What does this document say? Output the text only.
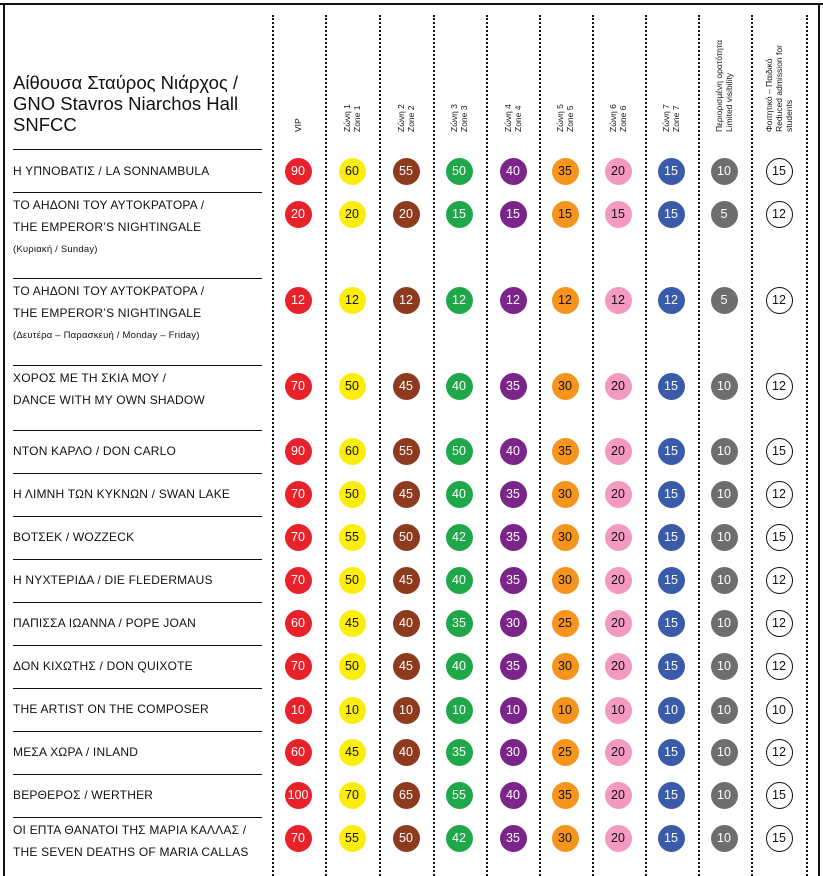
Αίθουσα Σταύρος Νιάρχος /
GNO Stavros Niarchos Hall
SNFCC	VIP	Ζώνη 1 Zone 1	Ζώνη 2 Zone 2	Ζώνη 3 Zone 3	Ζώνη 4 Zone 4	Ζώνη 5 Zone 5	Ζώνη 6 Zone 6	Ζώνη 7 Zone 7	Περιορισμένη ορατότητα Limited visibility	Φοιτητικό – Παιδικό Reduced admission for students
Η ΥΠΝΟΒΑΤΙΣ / LA SONNAMBULA	90	60	55	50	40	35	20	15	10	15
ΤΟ ΑΗΔΟΝΙ ΤΟΥ ΑΥΤΟΚΡΑΤΟΡΑ /
THE EMPEROR’S NIGHTINGALE
(Κυριακή / Sunday)
20	20	20	15	15	15	15	15	5	12
ΤΟ ΑΗΔΟΝΙ ΤΟΥ ΑΥΤΟΚΡΑΤΟΡΑ /
THE EMPEROR’S NIGHTINGALE
(Δευτέρα – Παρασκευή / Monday – Friday)
12	12	12	12	12	12	12	12	5	12
ΧΟΡΟΣ ΜΕ ΤΗ ΣΚΙΑ ΜΟΥ /
DANCE WITH MY OWN SHADOW
70	50	45	40	35	30	20	15	10	12
ΝΤΟΝ ΚΑΡΛΟ / DON CARLO	90	60	55	50	40	35	20	15	10	15
Η ΛΙΜΝΗ ΤΩΝ ΚΥΚΝΩΝ / SWAN LAKE	70	50	45	40	35	30	20	15	10	12
ΒΟΤΣΕΚ / WOZZECK	70	55	50	42	35	30	20	15	10	15
Η ΝΥΧΤΕΡΙΔΑ / DIE FLEDERMAUS	70	50	45	40	35	30	20	15	10	12
ΠΑΠΙΣΣΑ ΙΩΑΝΝΑ / POPE JOAN	60	45	40	35	30	25	20	15	10	12
ΔΟΝ ΚΙΧΩΤΗΣ / DON QUIXOTE	70	50	45	40	35	30	20	15	10	12
THE ARTIST ON THE COMPOSER	10	10	10	10	10	10	10	10	10	10
ΜΕΣΑ ΧΩΡΑ / INLAND	60	45	40	35	30	25	20	15	10	12
ΒΕΡΘΕΡΟΣ / WERTHER	100	70	65	55	40	35	20	15	10	15
ΟΙ ΕΠΤΑ ΘΑΝΑΤΟΙ ΤΗΣ ΜΑΡΙΑ ΚΑΛΛΑΣ /
THE SEVEN DEATHS OF MARIA CALLAS
70	55	50	42	35	30	20	15	10	15
